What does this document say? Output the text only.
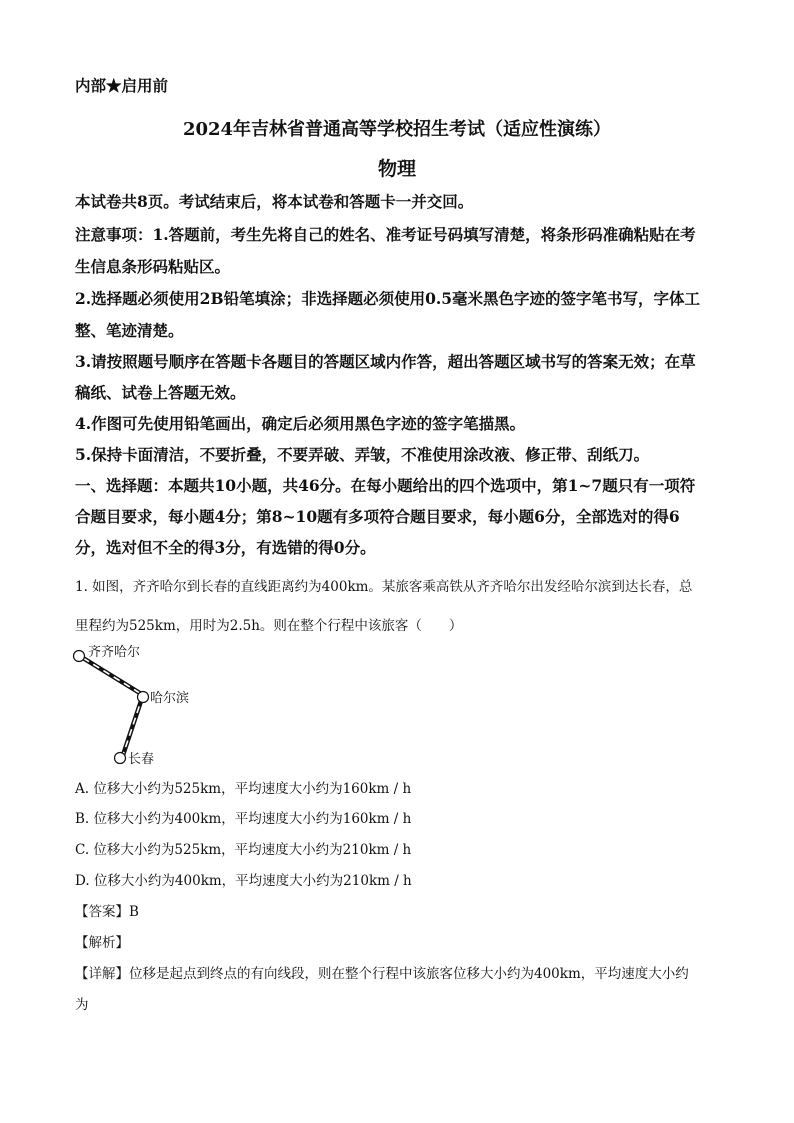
内部★启用前
2024年吉林省普通高等学校招生考试（适应性演练）
物理
本试卷共8页。考试结束后，将本试卷和答题卡一并交回。
注意事项：1.答题前，考生先将自己的姓名、准考证号码填写清楚，将条形码准确粘贴在考
生信息条形码粘贴区。
2.选择题必须使用2B铅笔填涂；非选择题必须使用0.5毫米黑色字迹的签字笔书写，字体工
整、笔迹清楚。
3.请按照题号顺序在答题卡各题目的答题区域内作答，超出答题区域书写的答案无效；在草
稿纸、试卷上答题无效。
4.作图可先使用铅笔画出，确定后必须用黑色字迹的签字笔描黑。
5.保持卡面清洁，不要折叠，不要弄破、弄皱，不准使用涂改液、修正带、刮纸刀。
一、选择题：本题共10小题，共46分。在每小题给出的四个选项中，第1~7题只有一项符
合题目要求，每小题4分；第8~10题有多项符合题目要求，每小题6分，全部选对的得6
分，选对但不全的得3分，有选错的得0分。
1. 如图，齐齐哈尔到长春的直线距离约为400km。某旅客乘高铁从齐齐哈尔出发经哈尔滨到达长春，总
里程约为525km，用时为2.5h。则在整个行程中该旅客（　　）
齐齐哈尔
哈尔滨
长春
A. 位移大小约为525km，平均速度大小约为160km / h
B. 位移大小约为400km，平均速度大小约为160km / h
C. 位移大小约为525km，平均速度大小约为210km / h
D. 位移大小约为400km，平均速度大小约为210km / h
【答案】B
【解析】
【详解】位移是起点到终点的有向线段，则在整个行程中该旅客位移大小约为400km，平均速度大小约
为
